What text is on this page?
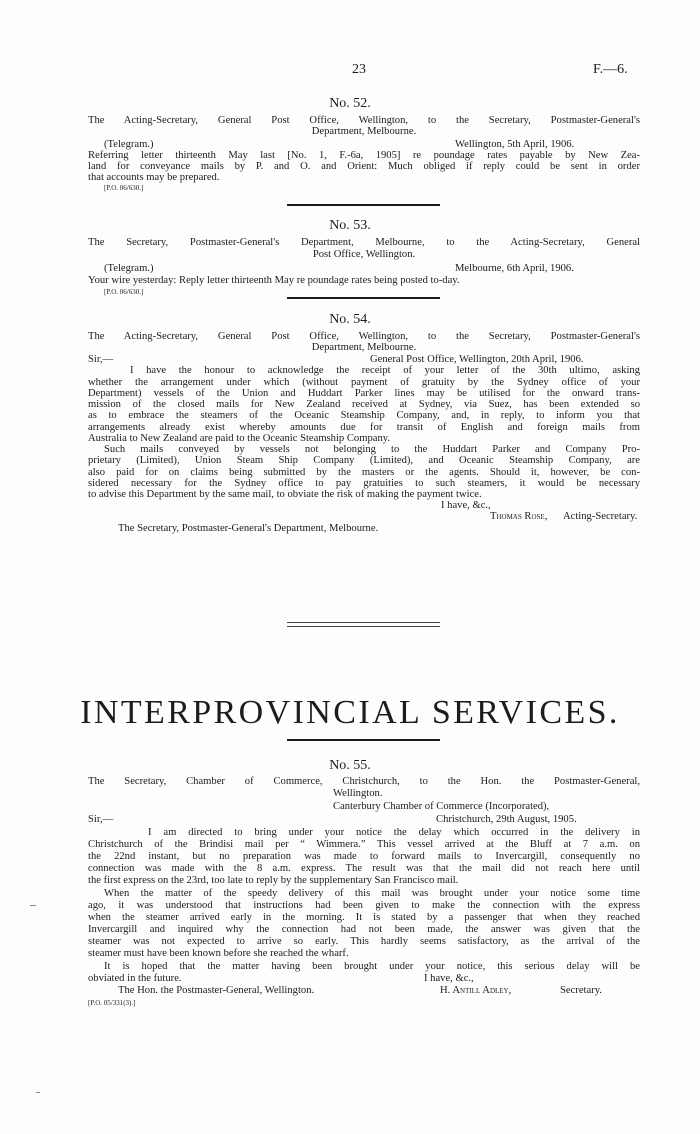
23	F.—6.
No. 52.
The Acting-Secretary, General Post Office, Wellington, to the Secretary, Postmaster-General's
Department, Melbourne.
(Telegram.)	Wellington, 5th April, 1906.
Referring letter thirteenth May last [No. 1, F.-6a, 1905] re poundage rates payable by New Zea-
land for conveyance mails by P. and O. and Orient: Much obliged if reply could be sent in order
that accounts may be prepared.
[P.O. 06/630.]
No. 53.
The Secretary, Postmaster-General's Department, Melbourne, to the Acting-Secretary, General
Post Office, Wellington.
(Telegram.)	Melbourne, 6th April, 1906.
Your wire yesterday: Reply letter thirteenth May re poundage rates being posted to-day.
[P.O. 06/630.]
No. 54.
The Acting-Secretary, General Post Office, Wellington, to the Secretary, Postmaster-General's
Department, Melbourne.
Sir,—	General Post Office, Wellington, 20th April, 1906.
I have the honour to acknowledge the receipt of your letter of the 30th ultimo, asking
whether the arrangement under which (without payment of gratuity by the Sydney office of your
Department) vessels of the Union and Huddart Parker lines may be utilised for the onward trans-
mission of the closed mails for New Zealand received at Sydney, via Suez, has been extended so
as to embrace the steamers of the Oceanic Steamship Company, and, in reply, to inform you that
arrangements already exist whereby amounts due for transit of English and foreign mails from
Australia to New Zealand are paid to the Oceanic Steamship Company.
Such mails conveyed by vessels not belonging to the Huddart Parker and Company Pro-
prietary (Limited), Union Steam Ship Company (Limited), and Oceanic Steamship Company, are
also paid for on claims being submitted by the masters or the agents. Should it, however, be con-
sidered necessary for the Sydney office to pay gratuities to such steamers, it would be necessary
to advise this Department by the same mail, to obviate the risk of making the payment twice.
I have, &c.,
Thomas Rose, Acting-Secretary.
The Secretary, Postmaster-General's Department, Melbourne.
INTERPROVINCIAL SERVICES.
No. 55.
The Secretary, Chamber of Commerce, Christchurch, to the Hon. the Postmaster-General,
Wellington.
Canterbury Chamber of Commerce (Incorporated),
Sir,—	Christchurch, 29th August, 1905.
I am directed to bring under your notice the delay which occurred in the delivery in
Christchurch of the Brindisi mail per “ Wimmera.” This vessel arrived at the Bluff at 7 a.m. on
the 22nd instant, but no preparation was made to forward mails to Invercargill, consequently no
connection was made with the 8 a.m. express. The result was that the mail did not reach here until
the first express on the 23rd, too late to reply by the supplementary San Francisco mail.
When the matter of the speedy delivery of this mail was brought under your notice some time
ago, it was understood that instructions had been given to make the connection with the express
when the steamer arrived early in the morning. It is stated by a passenger that when they reached
Invercargill and inquired why the connection had not been made, the answer was given that the
steamer was not expected to arrive so early. This hardly seems satisfactory, as the arrival of the
steamer must have been known before she reached the wharf.
It is hoped that the matter having been brought under your notice, this serious delay will be
obviated in the future.	I have, &c.,
The Hon. the Postmaster-General, Wellington.	H. Antill Adley,	Secretary.
[P.O. 05/331(3).]
